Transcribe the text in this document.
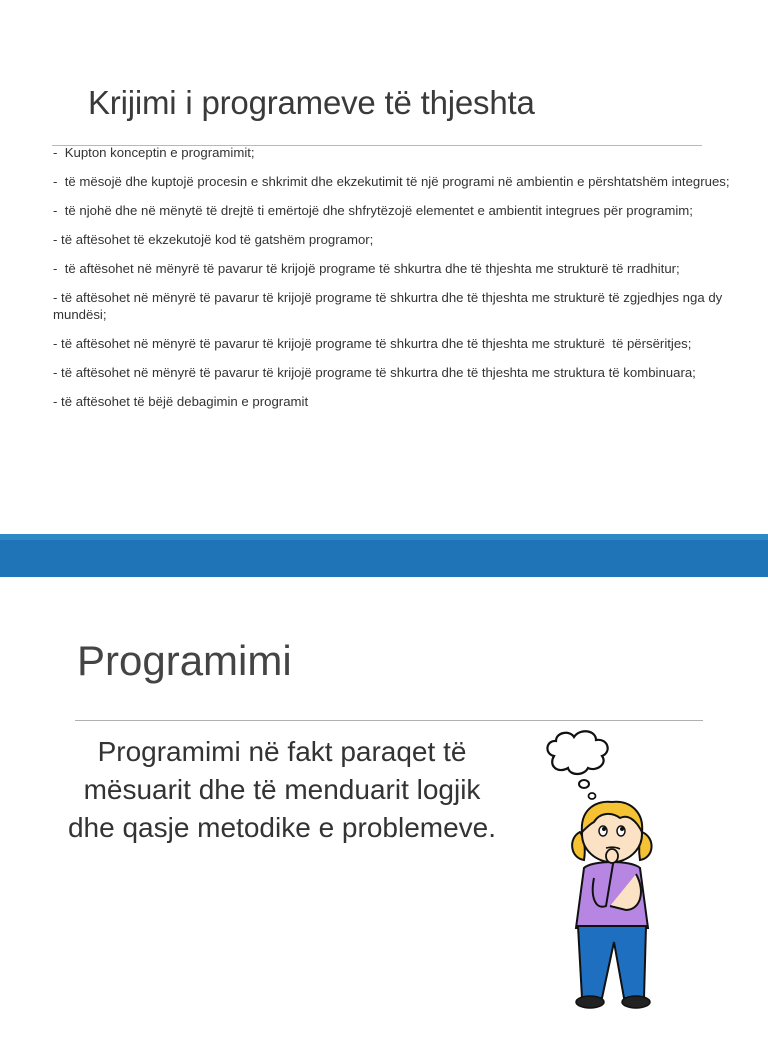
Krijimi i programeve të thjeshta

-  Kupton konceptin e programimit;

-  të mësojë dhe kuptojë procesin e shkrimit dhe ekzekutimit të një programi në ambientin e përshtatshëm integrues;

-  të njohë dhe në mënytë të drejtë ti emërtojë dhe shfrytëzojë elementet e ambientit integrues për programim;

- të aftësohet të ekzekutojë kod të gatshëm programor;

-  të aftësohet në mënyrë të pavarur të krijojë programe të shkurtra dhe të thjeshta me strukturë të rradhitur;

- të aftësohet në mënyrë të pavarur të krijojë programe të shkurtra dhe të thjeshta me strukturë të zgjedhjes nga dy mundësi;

- të aftësohet në mënyrë të pavarur të krijojë programe të shkurtra dhe të thjeshta me strukturë  të përsëritjes;

- të aftësohet në mënyrë të pavarur të krijojë programe të shkurtra dhe të thjeshta me struktura të kombinuara;

- të aftësohet të bëjë debagimin e programit

Programimi
Programimi në fakt paraqet të mësuarit dhe të menduarit logjik dhe qasje metodike e problemeve.
